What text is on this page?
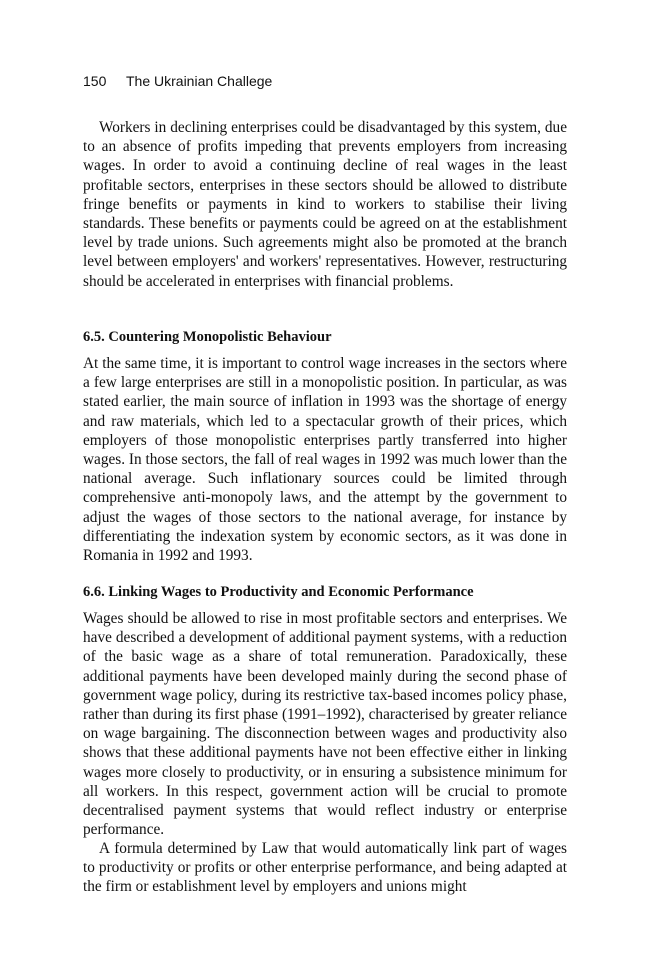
150 The Ukrainian Challege

Workers in declining enterprises could be disadvantaged by this system, due to an absence of profits impeding that prevents employers from increasing wages. In order to avoid a continuing decline of real wages in the least profitable sectors, enterprises in these sectors should be allowed to distribute fringe benefits or payments in kind to workers to stabilise their living standards. These benefits or payments could be agreed on at the establishment level by trade unions. Such agreements might also be promoted at the branch level between employers' and workers' representatives. However, restructuring should be accelerated in enterprises with financial problems.

6.5. Countering Monopolistic Behaviour

At the same time, it is important to control wage increases in the sectors where a few large enterprises are still in a monopolistic position. In particular, as was stated earlier, the main source of inflation in 1993 was the shortage of energy and raw materials, which led to a spectacular growth of their prices, which employers of those monopolistic enterprises partly transferred into higher wages. In those sectors, the fall of real wages in 1992 was much lower than the national average. Such inflationary sources could be limited through comprehensive anti-monopoly laws, and the attempt by the government to adjust the wages of those sectors to the national average, for instance by differentiating the indexation system by economic sectors, as it was done in Romania in 1992 and 1993.

6.6. Linking Wages to Productivity and Economic Performance

Wages should be allowed to rise in most profitable sectors and enterprises. We have described a development of additional payment systems, with a reduction of the basic wage as a share of total remuneration. Paradoxically, these additional payments have been developed mainly during the second phase of government wage policy, during its restrictive tax-based incomes policy phase, rather than during its first phase (1991–1992), characterised by greater reliance on wage bargaining. The disconnection between wages and productivity also shows that these additional payments have not been effective either in linking wages more closely to productivity, or in ensuring a subsistence minimum for all workers. In this respect, government action will be crucial to promote decentralised payment systems that would reflect industry or enterprise performance.

A formula determined by Law that would automatically link part of wages to productivity or profits or other enterprise performance, and being adapted at the firm or establishment level by employers and unions might
